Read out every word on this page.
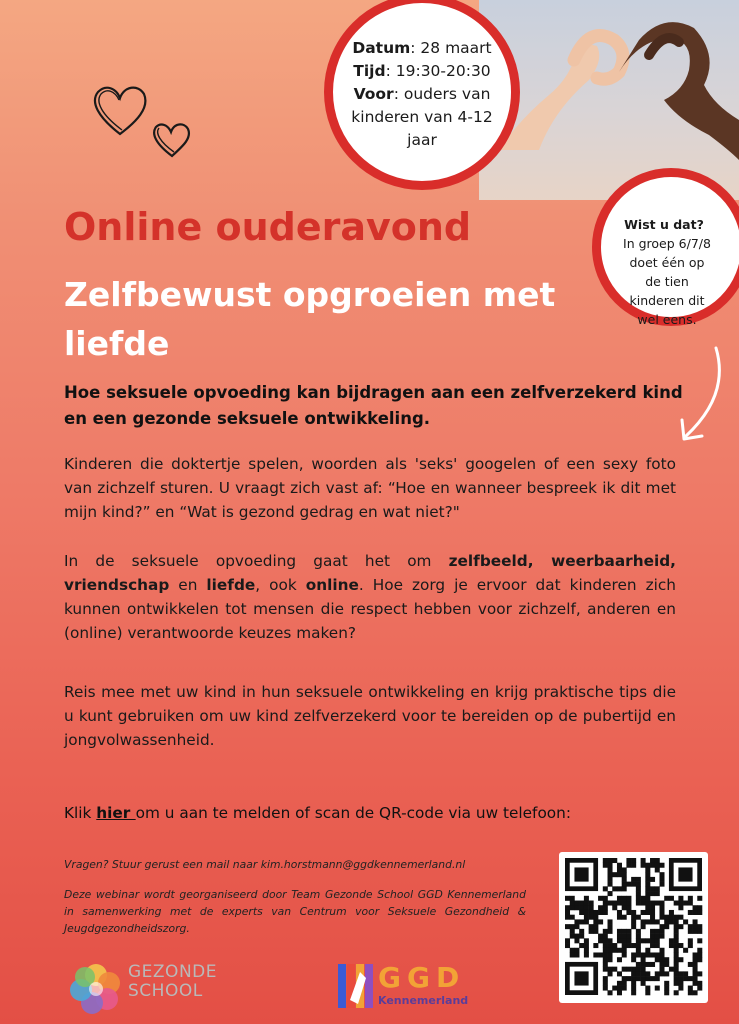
Datum: 28 maart
Tijd: 19:30-20:30
Voor: ouders van kinderen van 4-12 jaar
Wist u dat?
In groep 6/7/8 doet één op de tien kinderen dit wel eens.
Online ouderavond
Zelfbewust opgroeien met liefde

Hoe seksuele opvoeding kan bijdragen aan een zelfverzekerd kind en een gezonde seksuele ontwikkeling.

Kinderen die doktertje spelen, woorden als 'seks' googelen of een sexy foto van zichzelf sturen. U vraagt zich vast af: “Hoe en wanneer bespreek ik dit met mijn kind?” en “Wat is gezond gedrag en wat niet?"

In de seksuele opvoeding gaat het om zelfbeeld, weerbaarheid, vriendschap en liefde, ook online. Hoe zorg je ervoor dat kinderen zich kunnen ontwikkelen tot mensen die respect hebben voor zichzelf, anderen en (online) verantwoorde keuzes maken?

Reis mee met uw kind in hun seksuele ontwikkeling en krijg praktische tips die u kunt gebruiken om uw kind zelfverzekerd voor te bereiden op de pubertijd en jongvolwassenheid.

Klik hier om u aan te melden of scan de QR-code via uw telefoon:

Vragen? Stuur gerust een mail naar kim.horstmann@ggdkennemerland.nl

Deze webinar wordt georganiseerd door Team Gezonde School GGD Kennemerland in samenwerking met de experts van Centrum voor Seksuele Gezondheid & Jeugdgezondheidszorg.

GEZONDE
SCHOOL	GGD
Kennemerland
